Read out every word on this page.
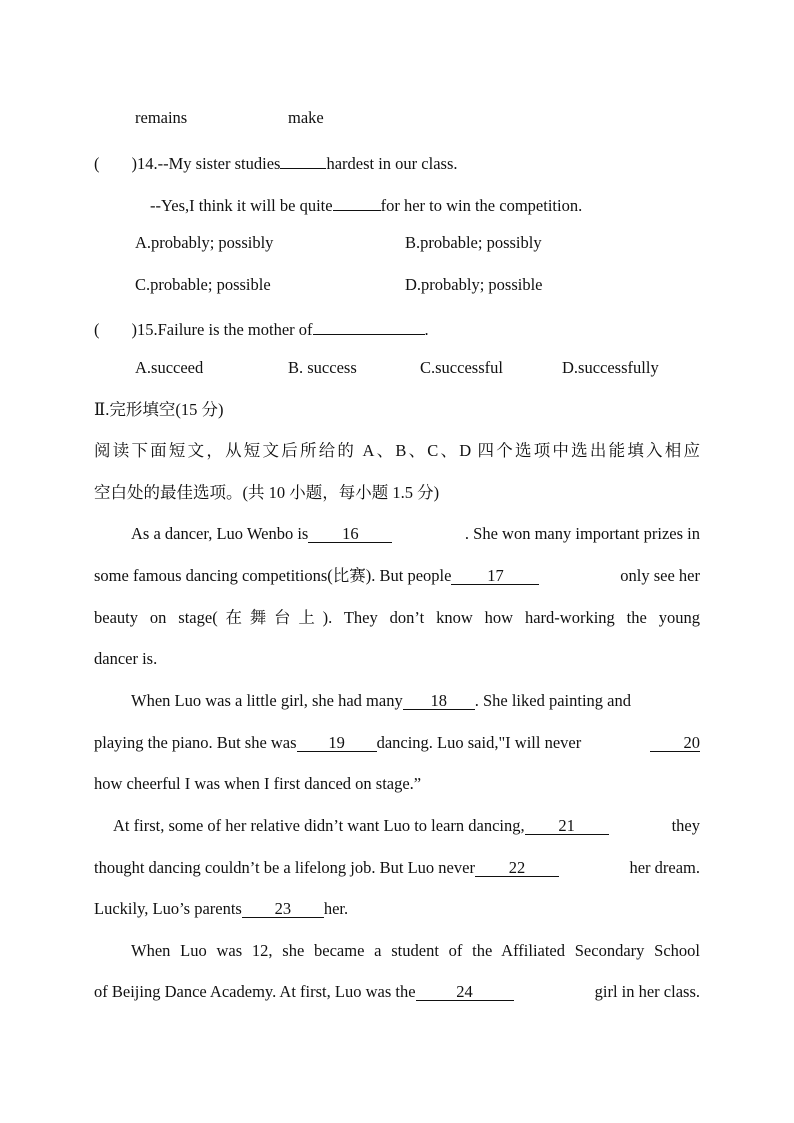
remains	make
( )14.--My sister studies	hardest in our class.
--Yes,I think it will be quite	for her to win the competition.
A.probably; possibly	B.probable; possibly
C.probable; possible	D.probably; possible
( )15.Failure is the mother of	.
A.succeed	B. success	C.successful	D.successfully
Ⅱ.完形填空(15 分)
阅读下面短文，从短文后所给的 A、B、C、D 四个选项中选出能填入相应
空白处的最佳选项。(共 10 小题，每小题 1.5 分)
As a dancer, Luo Wenbo is 16	. She won many important prizes in
some famous dancing competitions(比赛). But people 17	only see her
beauty on stage(在舞台上). They don’t know how hard-working the young
dancer is.
When Luo was a little girl, she had many 18 . She liked painting and
playing the piano. But she was 19 dancing. Luo said,"I will never	20
how cheerful I was when I first danced on stage.”
At first, some of her relative didn’t want Luo to learn dancing, 21	they
thought dancing couldn’t be a lifelong job. But Luo never 22	her dream.
Luckily, Luo’s parents 23 her.
When Luo was 12, she became a student of the Affiliated Secondary School
of Beijing Dance Academy. At first, Luo was the 24	girl in her class.
